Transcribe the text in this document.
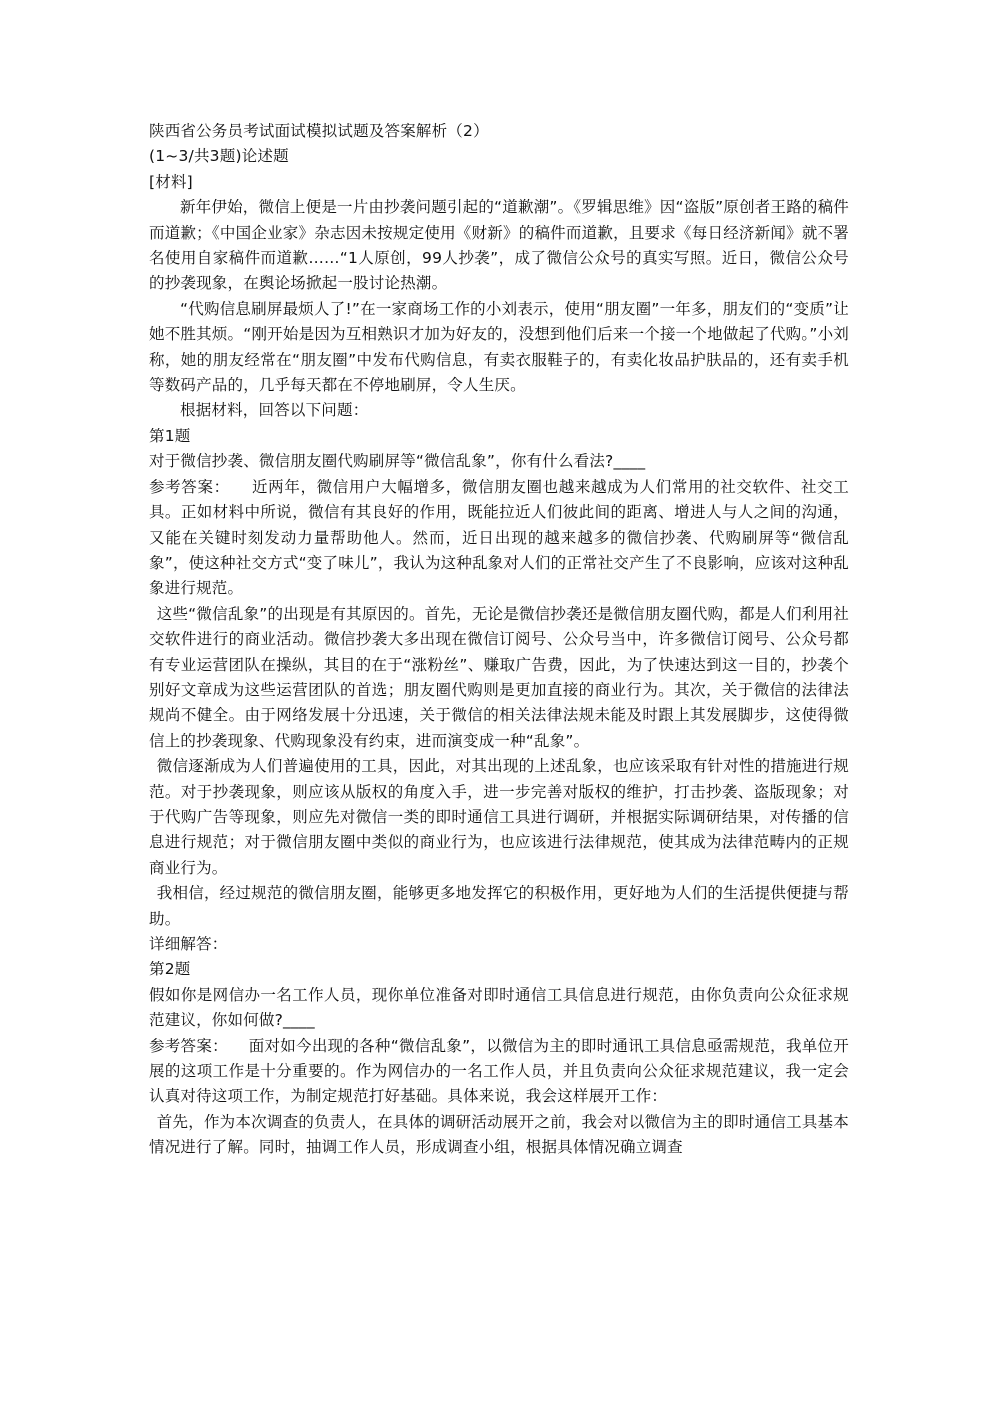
陕西省公务员考试面试模拟试题及答案解析（2）

(1~3/共3题)论述题

[材料]

新年伊始，微信上便是一片由抄袭问题引起的“道歉潮”。《罗辑思维》因“盗版”原创者王路的稿件而道歉；《中国企业家》杂志因未按规定使用《财新》的稿件而道歉，且要求《每日经济新闻》就不署名使用自家稿件而道歉……“1人原创，99人抄袭”，成了微信公众号的真实写照。近日，微信公众号的抄袭现象，在舆论场掀起一股讨论热潮。

“代购信息刷屏最烦人了!”在一家商场工作的小刘表示，使用“朋友圈”一年多，朋友们的“变质”让她不胜其烦。“刚开始是因为互相熟识才加为好友的，没想到他们后来一个接一个地做起了代购。”小刘称，她的朋友经常在“朋友圈”中发布代购信息，有卖衣服鞋子的，有卖化妆品护肤品的，还有卖手机等数码产品的，几乎每天都在不停地刷屏，令人生厌。

根据材料，回答以下问题：

第1题

对于微信抄袭、微信朋友圈代购刷屏等“微信乱象”，你有什么看法?____

参考答案： 近两年，微信用户大幅增多，微信朋友圈也越来越成为人们常用的社交软件、社交工具。正如材料中所说，微信有其良好的作用，既能拉近人们彼此间的距离、增进人与人之间的沟通，又能在关键时刻发动力量帮助他人。然而，近日出现的越来越多的微信抄袭、代购刷屏等“微信乱象”，使这种社交方式“变了味儿”，我认为这种乱象对人们的正常社交产生了不良影响，应该对这种乱象进行规范。

这些“微信乱象”的出现是有其原因的。首先，无论是微信抄袭还是微信朋友圈代购，都是人们利用社交软件进行的商业活动。微信抄袭大多出现在微信订阅号、公众号当中，许多微信订阅号、公众号都有专业运营团队在操纵，其目的在于“涨粉丝”、赚取广告费，因此，为了快速达到这一目的，抄袭个别好文章成为这些运营团队的首选；朋友圈代购则是更加直接的商业行为。其次，关于微信的法律法规尚不健全。由于网络发展十分迅速，关于微信的相关法律法规未能及时跟上其发展脚步，这使得微信上的抄袭现象、代购现象没有约束，进而演变成一种“乱象”。

微信逐渐成为人们普遍使用的工具，因此，对其出现的上述乱象，也应该采取有针对性的措施进行规范。对于抄袭现象，则应该从版权的角度入手，进一步完善对版权的维护，打击抄袭、盗版现象；对于代购广告等现象，则应先对微信一类的即时通信工具进行调研，并根据实际调研结果，对传播的信息进行规范；对于微信朋友圈中类似的商业行为，也应该进行法律规范，使其成为法律范畴内的正规商业行为。

我相信，经过规范的微信朋友圈，能够更多地发挥它的积极作用，更好地为人们的生活提供便捷与帮助。

详细解答：

第2题

假如你是网信办一名工作人员，现你单位准备对即时通信工具信息进行规范，由你负责向公众征求规范建议，你如何做?____

参考答案： 面对如今出现的各种“微信乱象”，以微信为主的即时通讯工具信息亟需规范，我单位开展的这项工作是十分重要的。作为网信办的一名工作人员，并且负责向公众征求规范建议，我一定会认真对待这项工作，为制定规范打好基础。具体来说，我会这样展开工作：

首先，作为本次调查的负责人，在具体的调研活动展开之前，我会对以微信为主的即时通信工具基本情况进行了解。同时，抽调工作人员，形成调查小组，根据具体情况确立调查
